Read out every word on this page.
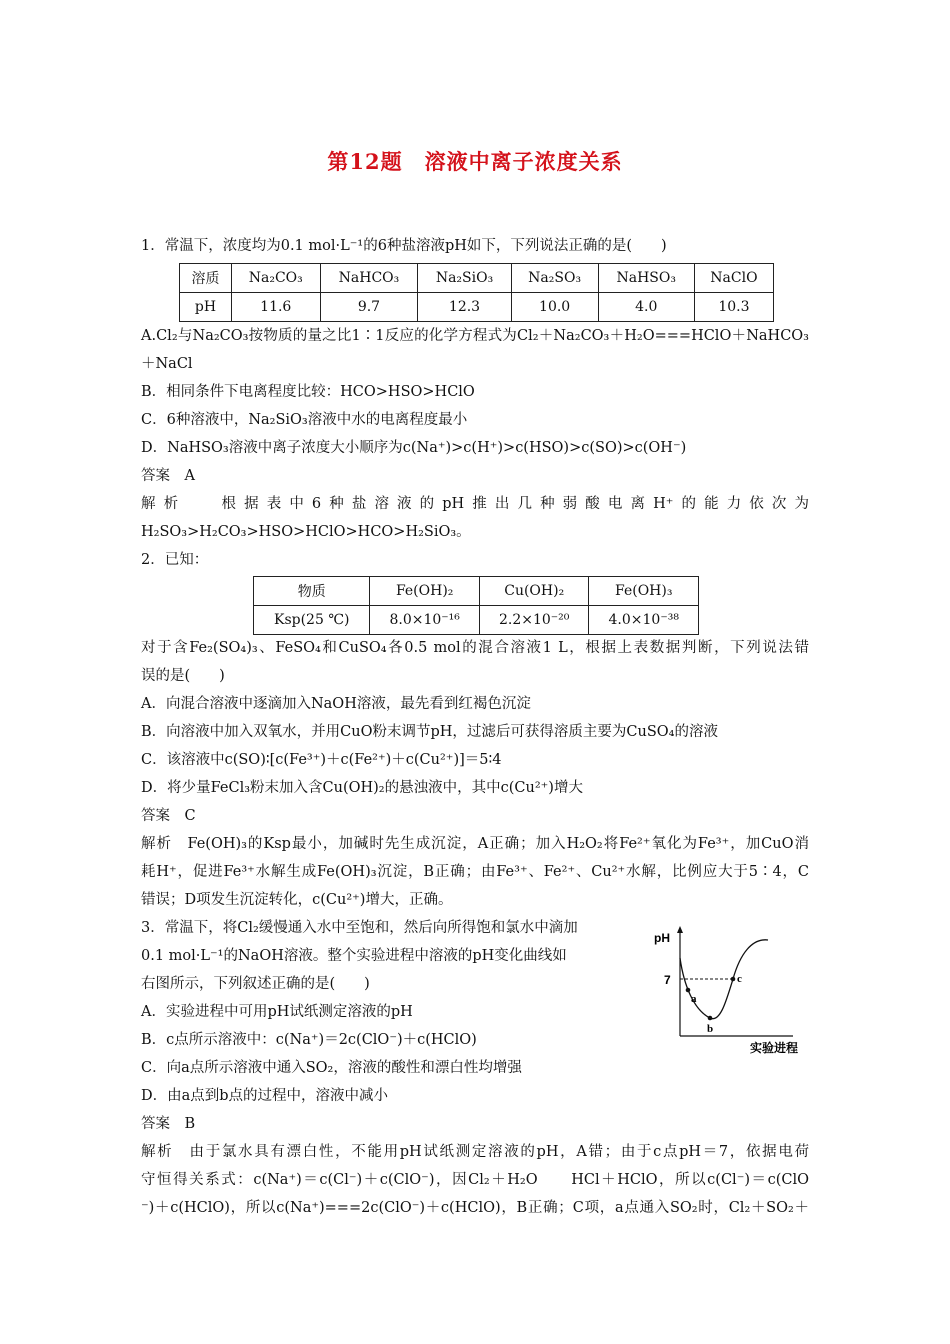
第12题　溶液中离子浓度关系
1．常温下，浓度均为0.1 mol·L⁻¹的6种盐溶液pH如下，下列说法正确的是(　　)
溶质	Na₂CO₃	NaHCO₃	Na₂SiO₃	Na₂SO₃	NaHSO₃	NaClO
pH	11.6	9.7	12.3	10.0	4.0	10.3
A.Cl₂与Na₂CO₃按物质的量之比1∶1反应的化学方程式为Cl₂＋Na₂CO₃＋H₂O===HClO＋NaHCO₃
＋NaCl
B．相同条件下电离程度比较：HCO>HSO>HClO
C．6种溶液中，Na₂SiO₃溶液中水的电离程度最小
D．NaHSO₃溶液中离子浓度大小顺序为c(Na⁺)>c(H⁺)>c(HSO)>c(SO)>c(OH⁻)
答案　A
解析　 根据表中6种盐溶液的pH推出几种弱酸电离H⁺的能力依次为
H₂SO₃>H₂CO₃>HSO>HClO>HCO>H₂SiO₃。
2．已知：
物质	Fe(OH)₂	Cu(OH)₂	Fe(OH)₃
Ksp(25 ℃)	8.0×10⁻¹⁶	2.2×10⁻²⁰	4.0×10⁻³⁸
对于含Fe₂(SO₄)₃、FeSO₄和CuSO₄各0.5 mol的混合溶液1 L，根据上表数据判断，下列说法错
误的是(　　)
A．向混合溶液中逐滴加入NaOH溶液，最先看到红褐色沉淀
B．向溶液中加入双氧水，并用CuO粉末调节pH，过滤后可获得溶质主要为CuSO₄的溶液
C．该溶液中c(SO)∶[c(Fe³⁺)＋c(Fe²⁺)＋c(Cu²⁺)]＝5∶4
D．将少量FeCl₃粉末加入含Cu(OH)₂的悬浊液中，其中c(Cu²⁺)增大
答案　C
解析　Fe(OH)₃的Ksp最小，加碱时先生成沉淀，A正确；加入H₂O₂将Fe²⁺氧化为Fe³⁺，加CuO消
耗H⁺，促进Fe³⁺水解生成Fe(OH)₃沉淀，B正确；由Fe³⁺、Fe²⁺、Cu²⁺水解，比例应大于5∶4，C
错误；D项发生沉淀转化，c(Cu²⁺)增大，正确。
3．常温下，将Cl₂缓慢通入水中至饱和，然后向所得饱和氯水中滴加
0.1 mol·L⁻¹的NaOH溶液。整个实验进程中溶液的pH变化曲线如
右图所示，下列叙述正确的是(　　)
A．实验进程中可用pH试纸测定溶液的pH
B．c点所示溶液中：c(Na⁺)＝2c(ClO⁻)＋c(HClO)
C．向a点所示溶液中通入SO₂，溶液的酸性和漂白性均增强
D．由a点到b点的过程中，溶液中减小
答案　B
解析　由于氯水具有漂白性，不能用pH试纸测定溶液的pH，A错；由于c点pH＝7，依据电荷
守恒得关系式：c(Na⁺)＝c(Cl⁻)＋c(ClO⁻)，因Cl₂＋H₂O　　HCl＋HClO，所以c(Cl⁻)＝c(ClO
⁻)＋c(HClO)，所以c(Na⁺)===2c(ClO⁻)＋c(HClO)，B正确；C项，a点通入SO₂时，Cl₂＋SO₂＋
pH
7
实验进程
a
b
c
